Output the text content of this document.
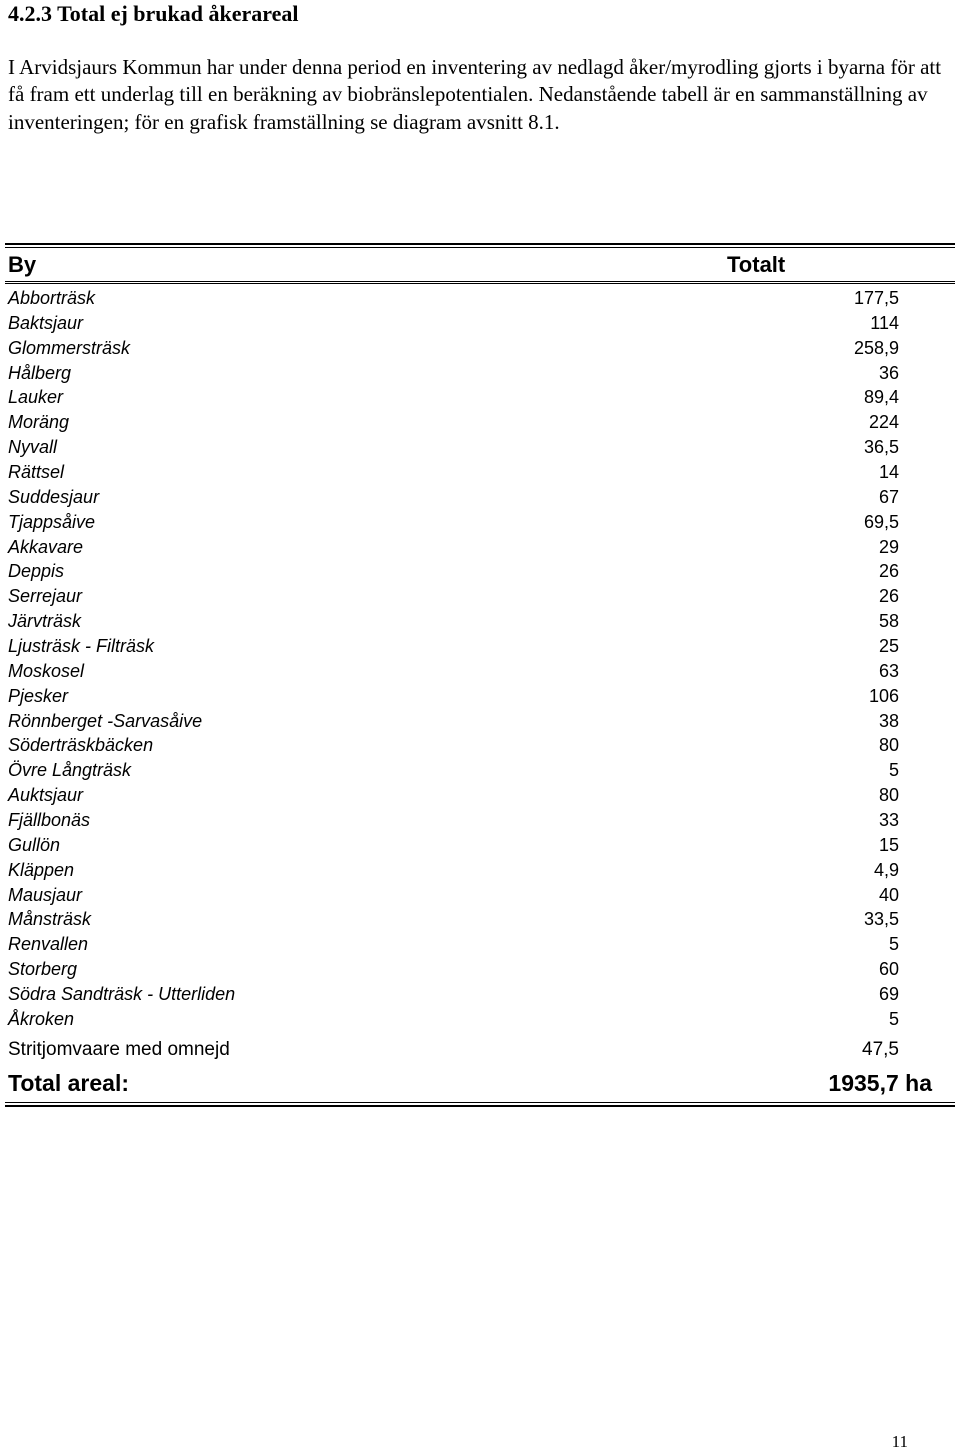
4.2.3 Total ej brukad åkerareal
I Arvidsjaurs Kommun har under denna period en inventering av nedlagd åker/myrodling gjorts i byarna för att få fram ett underlag till en beräkning av biobränslepotentialen. Nedanstående tabell är en sammanställning av inventeringen; för en grafisk framställning se diagram avsnitt 8.1.
By	Totalt
Abborträsk	177,5
Baktsjaur	114
Glommersträsk	258,9
Hålberg	36
Lauker	89,4
Moräng	224
Nyvall	36,5
Rättsel	14
Suddesjaur	67
Tjappsåive	69,5
Akkavare	29
Deppis	26
Serrejaur	26
Järvträsk	58
Ljusträsk - Filträsk	25
Moskosel	63
Pjesker	106
Rönnberget -Sarvasåive	38
Söderträskbäcken	80
Övre Långträsk	5
Auktsjaur	80
Fjällbonäs	33
Gullön	15
Kläppen	4,9
Mausjaur	40
Månsträsk	33,5
Renvallen	5
Storberg	60
Södra Sandträsk - Utterliden	69
Åkroken	5
Stritjomvaare med omnejd	47,5
Total areal:	1935,7 ha
11
